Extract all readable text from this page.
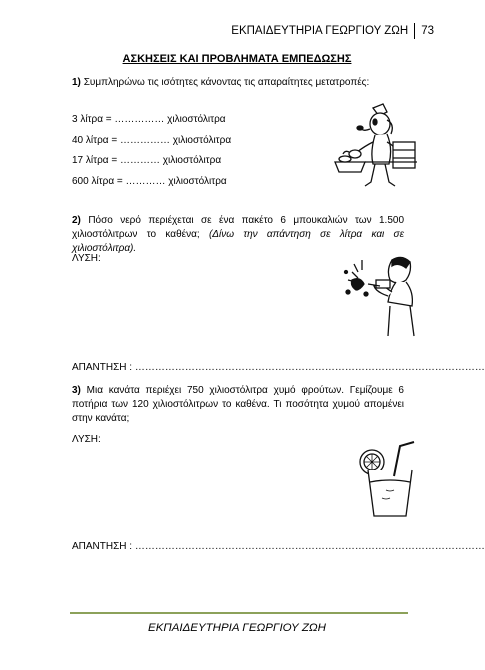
ΕΚΠΑΙΔΕΥΤΗΡΙΑ ΓΕΩΡΓΙΟΥ ΖΩΗ 73
ΑΣΚΗΣΕΙΣ ΚΑΙ ΠΡΟΒΛΗΜΑΤΑ ΕΜΠΕΔΩΣΗΣ
1) Συμπληρώνω τις ισότητες κάνοντας τις απαραίτητες μετατροπές:
3 λίτρα = …………… χιλιοστόλιτρα
40 λίτρα = …………… χιλιοστόλιτρα
17 λίτρα = ………… χιλιοστόλιτρα
600 λίτρα = ………… χιλιοστόλιτρα
2) Πόσο νερό περιέχεται σε ένα πακέτο 6 μπουκαλιών των 1.500 χιλιοστόλιτρων το καθένα; (Δίνω την απάντηση σε λίτρα και σε χιλιοστόλιτρα).
ΛΥΣΗ:
ΑΠΑΝΤΗΣΗ : ……………………………………………………………………………………………
3) Μια κανάτα περιέχει 750 χιλιοστόλιτρα χυμό φρούτων. Γεμίζουμε 6 ποτήρια των 120 χιλιοστόλιτρων το καθένα. Τι ποσότητα χυμού απομένει στην κανάτα;
ΛΥΣΗ:
ΑΠΑΝΤΗΣΗ : ……………………………………………………………………………………………
ΕΚΠΑΙΔΕΥΤΗΡΙΑ ΓΕΩΡΓΙΟΥ ΖΩΗ
